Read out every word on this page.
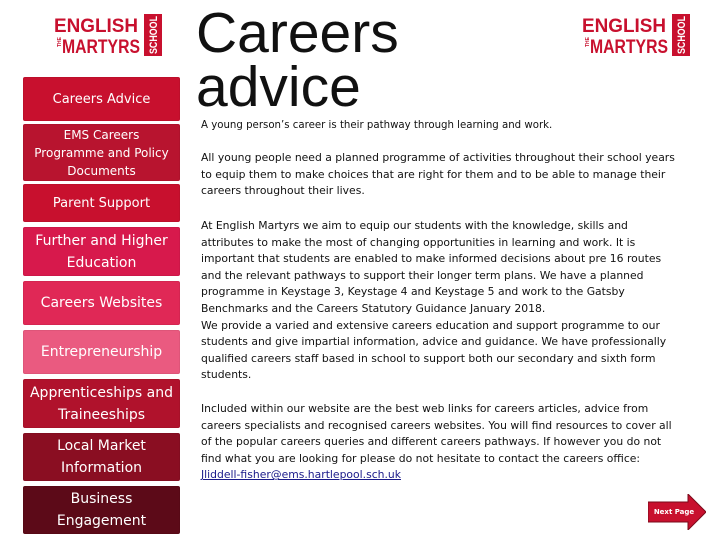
ENGLISH
THE MARTYRS SCHOOL	ENGLISH
THE MARTYRS SCHOOL
Careers advice
Careers Advice
EMS Careers Programme and Policy Documents
Parent Support
Further and Higher Education
Careers Websites
Entrepreneurship
Apprenticeships and Traineeships
Local Market Information
Business Engagement

A young person’s career is their pathway through learning and work.

All young people need a planned programme of activities throughout their school years to equip them to make choices that are right for them and to be able to manage their careers throughout their lives.

At English Martyrs we aim to equip our students with the knowledge, skills and attributes to make the most of changing opportunities in learning and work. It is important that students are enabled to make informed decisions about pre 16 routes and the relevant pathways to support their longer term plans. We have a planned programme in Keystage 3, Keystage 4 and Keystage 5 and work to the Gatsby Benchmarks and the Careers Statutory Guidance January 2018.
We provide a varied and extensive careers education and support programme to our students and give impartial information, advice and guidance. We have professionally qualified careers staff based in school to support both our secondary and sixth form students.
Included within our website are the best web links for careers articles, advice from careers specialists and recognised careers websites. You will find resources to cover all of the popular careers queries and different careers pathways. If however you do not find what you are looking for please do not hesitate to contact the careers office:
Jliddell-fisher@ems.hartlepool.sch.uk
Next Page
